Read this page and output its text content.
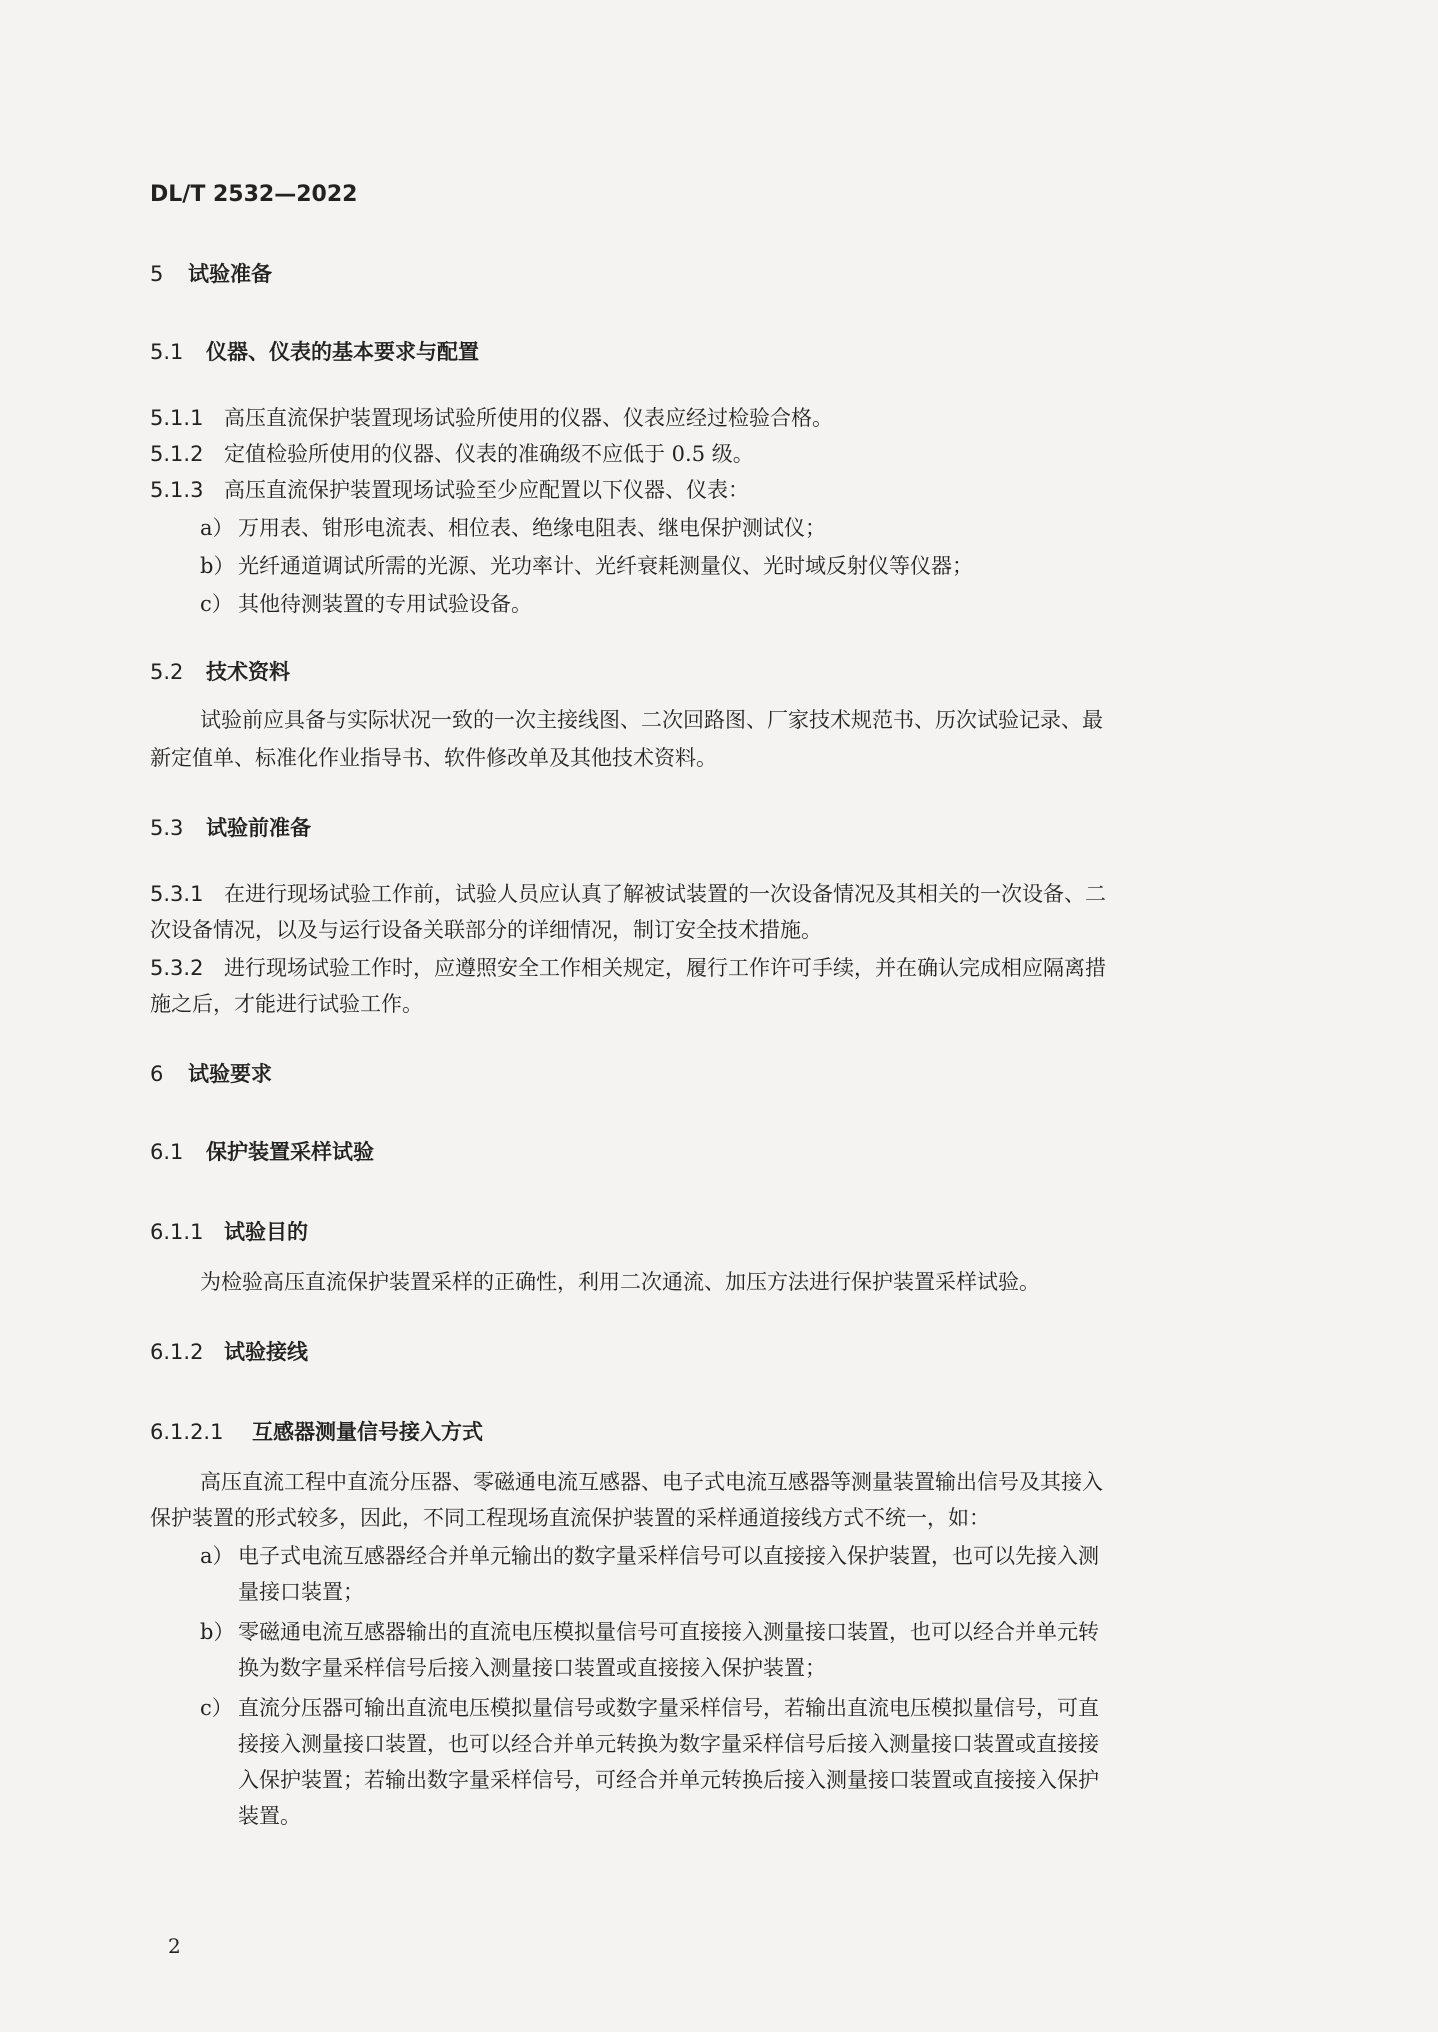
DL/T 2532—2022
5 试验准备
5.1 仪器、仪表的基本要求与配置
5.1.1 高压直流保护装置现场试验所使用的仪器、仪表应经过检验合格。
5.1.2 定值检验所使用的仪器、仪表的准确级不应低于 0.5 级。
5.1.3 高压直流保护装置现场试验至少应配置以下仪器、仪表：
a） 万用表、钳形电流表、相位表、绝缘电阻表、继电保护测试仪；
b） 光纤通道调试所需的光源、光功率计、光纤衰耗测量仪、光时域反射仪等仪器；
c） 其他待测装置的专用试验设备。
5.2 技术资料
试验前应具备与实际状况一致的一次主接线图、二次回路图、厂家技术规范书、历次试验记录、最
新定值单、标准化作业指导书、软件修改单及其他技术资料。
5.3 试验前准备
5.3.1 在进行现场试验工作前，试验人员应认真了解被试装置的一次设备情况及其相关的一次设备、二
次设备情况，以及与运行设备关联部分的详细情况，制订安全技术措施。
5.3.2 进行现场试验工作时，应遵照安全工作相关规定，履行工作许可手续，并在确认完成相应隔离措
施之后，才能进行试验工作。
6 试验要求
6.1 保护装置采样试验
6.1.1 试验目的
为检验高压直流保护装置采样的正确性，利用二次通流、加压方法进行保护装置采样试验。
6.1.2 试验接线
6.1.2.1 互感器测量信号接入方式
高压直流工程中直流分压器、零磁通电流互感器、电子式电流互感器等测量装置输出信号及其接入
保护装置的形式较多，因此，不同工程现场直流保护装置的采样通道接线方式不统一，如：
a） 电子式电流互感器经合并单元输出的数字量采样信号可以直接接入保护装置，也可以先接入测
量接口装置；
b） 零磁通电流互感器输出的直流电压模拟量信号可直接接入测量接口装置，也可以经合并单元转
换为数字量采样信号后接入测量接口装置或直接接入保护装置；
c） 直流分压器可输出直流电压模拟量信号或数字量采样信号，若输出直流电压模拟量信号，可直
接接入测量接口装置，也可以经合并单元转换为数字量采样信号后接入测量接口装置或直接接
入保护装置；若输出数字量采样信号，可经合并单元转换后接入测量接口装置或直接接入保护
装置。
2
